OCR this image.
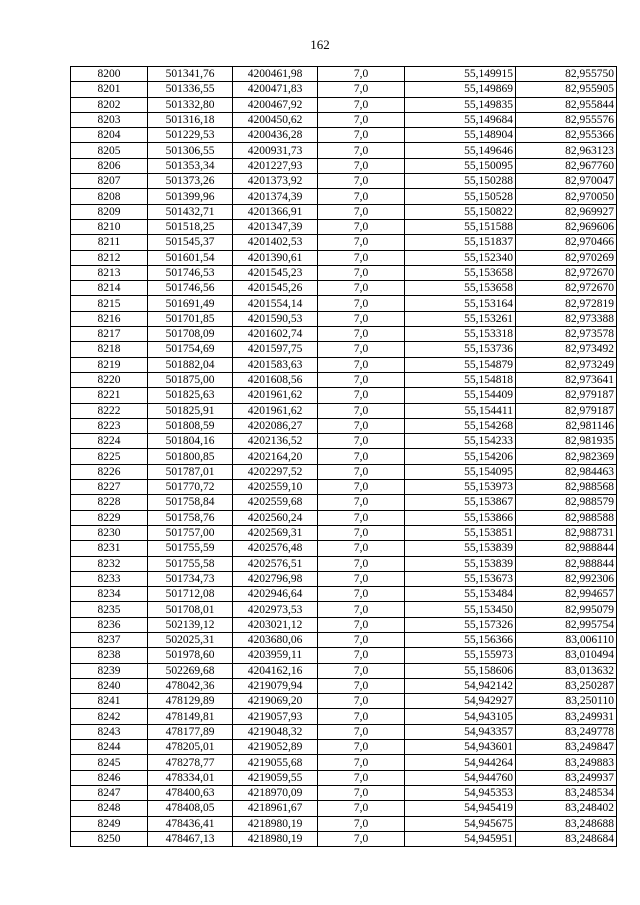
162
8200	501341,76	4200461,98	7,0	55,149915	82,955750
8201	501336,55	4200471,83	7,0	55,149869	82,955905
8202	501332,80	4200467,92	7,0	55,149835	82,955844
8203	501316,18	4200450,62	7,0	55,149684	82,955576
8204	501229,53	4200436,28	7,0	55,148904	82,955366
8205	501306,55	4200931,73	7,0	55,149646	82,963123
8206	501353,34	4201227,93	7,0	55,150095	82,967760
8207	501373,26	4201373,92	7,0	55,150288	82,970047
8208	501399,96	4201374,39	7,0	55,150528	82,970050
8209	501432,71	4201366,91	7,0	55,150822	82,969927
8210	501518,25	4201347,39	7,0	55,151588	82,969606
8211	501545,37	4201402,53	7,0	55,151837	82,970466
8212	501601,54	4201390,61	7,0	55,152340	82,970269
8213	501746,53	4201545,23	7,0	55,153658	82,972670
8214	501746,56	4201545,26	7,0	55,153658	82,972670
8215	501691,49	4201554,14	7,0	55,153164	82,972819
8216	501701,85	4201590,53	7,0	55,153261	82,973388
8217	501708,09	4201602,74	7,0	55,153318	82,973578
8218	501754,69	4201597,75	7,0	55,153736	82,973492
8219	501882,04	4201583,63	7,0	55,154879	82,973249
8220	501875,00	4201608,56	7,0	55,154818	82,973641
8221	501825,63	4201961,62	7,0	55,154409	82,979187
8222	501825,91	4201961,62	7,0	55,154411	82,979187
8223	501808,59	4202086,27	7,0	55,154268	82,981146
8224	501804,16	4202136,52	7,0	55,154233	82,981935
8225	501800,85	4202164,20	7,0	55,154206	82,982369
8226	501787,01	4202297,52	7,0	55,154095	82,984463
8227	501770,72	4202559,10	7,0	55,153973	82,988568
8228	501758,84	4202559,68	7,0	55,153867	82,988579
8229	501758,76	4202560,24	7,0	55,153866	82,988588
8230	501757,00	4202569,31	7,0	55,153851	82,988731
8231	501755,59	4202576,48	7,0	55,153839	82,988844
8232	501755,58	4202576,51	7,0	55,153839	82,988844
8233	501734,73	4202796,98	7,0	55,153673	82,992306
8234	501712,08	4202946,64	7,0	55,153484	82,994657
8235	501708,01	4202973,53	7,0	55,153450	82,995079
8236	502139,12	4203021,12	7,0	55,157326	82,995754
8237	502025,31	4203680,06	7,0	55,156366	83,006110
8238	501978,60	4203959,11	7,0	55,155973	83,010494
8239	502269,68	4204162,16	7,0	55,158606	83,013632
8240	478042,36	4219079,94	7,0	54,942142	83,250287
8241	478129,89	4219069,20	7,0	54,942927	83,250110
8242	478149,81	4219057,93	7,0	54,943105	83,249931
8243	478177,89	4219048,32	7,0	54,943357	83,249778
8244	478205,01	4219052,89	7,0	54,943601	83,249847
8245	478278,77	4219055,68	7,0	54,944264	83,249883
8246	478334,01	4219059,55	7,0	54,944760	83,249937
8247	478400,63	4218970,09	7,0	54,945353	83,248534
8248	478408,05	4218961,67	7,0	54,945419	83,248402
8249	478436,41	4218980,19	7,0	54,945675	83,248688
8250	478467,13	4218980,19	7,0	54,945951	83,248684
